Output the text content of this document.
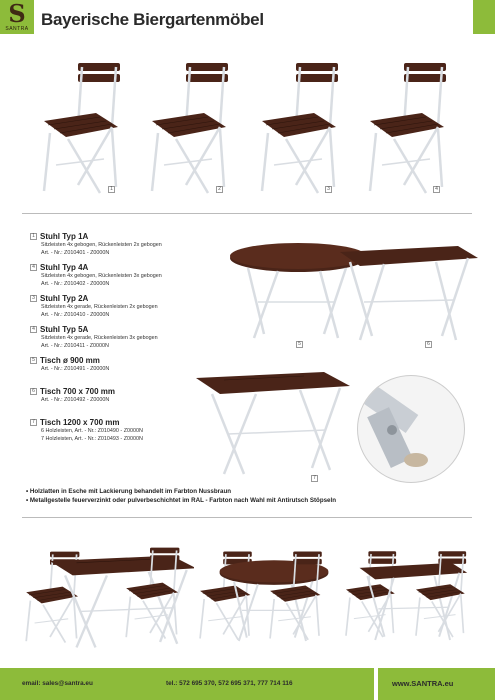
S
SANTRA Bayerische Biergartenmöbel
1	2	3	4
1 Stuhl Typ 1A
Sitzleisten 4x gebogen, Rückenleisten 2x gebogen
Art. - Nr.: Z010401 - Z0000N
4 Stuhl Typ 4A
Sitzleisten 4x gebogen, Rückenleisten 3x gebogen
Art. - Nr.: Z010402 - Z0000N
3 Stuhl Typ 2A
Sitzleisten 4x gerade, Rückenleisten 2x gebogen
Art. - Nr.: Z010410 - Z0000N
4 Stuhl Typ 5A
Sitzleisten 4x gerade, Rückenleisten 3x gebogen
Art. - Nr.: Z010411 - Z0000N
5 Tisch ø 900 mm
Art. - Nr.: Z010491 - Z0000N
6 Tisch 700 x 700 mm
Art. - Nr.: Z010492 - Z0000N
7 Tisch 1200 x 700 mm
6 Holzleisten, Art. - Nr.: Z010490 - Z0000N
7 Holzleisten, Art. - Nr.: Z010493 - Z0000N
5	6
7
• Holzlatten in Esche mit Lackierung behandelt im Farbton Nussbraun
• Metallgestelle feuerverzinkt oder pulverbeschichtet im RAL - Farbton nach Wahl mit Antirutsch Stöpseln
email: sales@santra.eu	tel.: 572 695 370, 572 695 371, 777 714 116	www.SANTRA.eu
